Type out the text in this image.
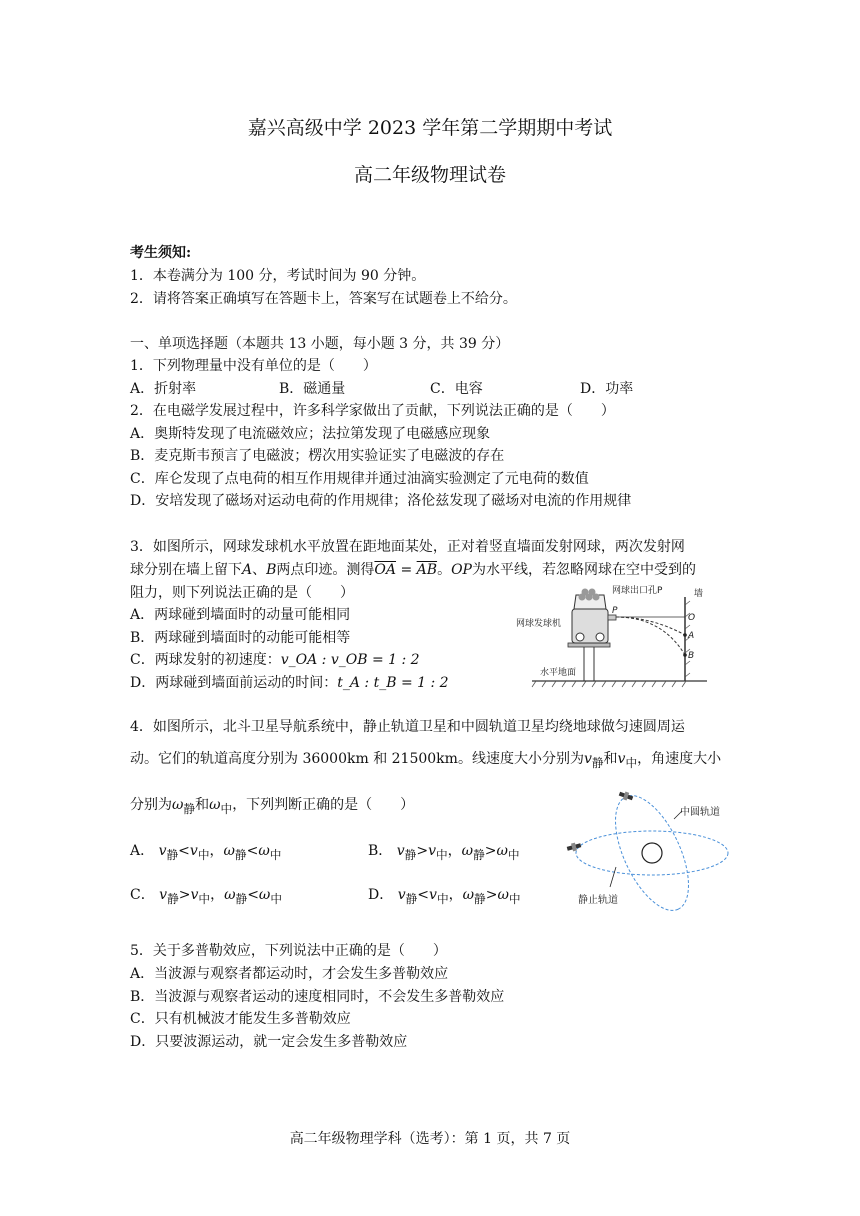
嘉兴高级中学 2023 学年第二学期期中考试
高二年级物理试卷
考生须知:
1．本卷满分为 100 分，考试时间为 90 分钟。
2．请将答案正确填写在答题卡上，答案写在试题卷上不给分。
一、单项选择题（本题共 13 小题，每小题 3 分，共 39 分）
1．下列物理量中没有单位的是（　　）
A．折射率	B．磁通量	C．电容	D．功率
2．在电磁学发展过程中，许多科学家做出了贡献，下列说法正确的是（　　）
A．奥斯特发现了电流磁效应；法拉第发现了电磁感应现象
B．麦克斯韦预言了电磁波；楞次用实验证实了电磁波的存在
C．库仑发现了点电荷的相互作用规律并通过油滴实验测定了元电荷的数值
D．安培发现了磁场对运动电荷的作用规律；洛伦兹发现了磁场对电流的作用规律
3．如图所示，网球发球机水平放置在距地面某处，正对着竖直墙面发射网球，两次发射网
球分别在墙上留下A、B两点印迹。测得$\overline{OA} = \overline{AB}$。OP为水平线，若忽略网球在空中受到的
阻力，则下列说法正确的是（　　）
A．两球碰到墙面时的动量可能相同
B．两球碰到墙面时的动能可能相等
C．两球发射的初速度：v_OA : v_OB = 1 : 2
D．两球碰到墙面前运动的时间：t_A : t_B = 1 : 2
网球出口孔P	墙
P
O
A
B
网球发球机
水平地面
4．如图所示，北斗卫星导航系统中，静止轨道卫星和中圆轨道卫星均绕地球做匀速圆周运
动。它们的轨道高度分别为 36000km 和 21500km。线速度大小分别为$v_静$和$v_中$，角速度大小
分别为$\omega_静$和$\omega_中$，下列判断正确的是（　　）
A． $v_静<v_中$，$\omega_静<\omega_中$	B． $v_静>v_中$，$\omega_静>\omega_中$
C． $v_静>v_中$，$\omega_静<\omega_中$	D． $v_静<v_中$，$\omega_静>\omega_中$
中圆轨道
静止轨道
5．关于多普勒效应，下列说法中正确的是（　　）
A．当波源与观察者都运动时，才会发生多普勒效应
B．当波源与观察者运动的速度相同时，不会发生多普勒效应
C．只有机械波才能发生多普勒效应
D．只要波源运动，就一定会发生多普勒效应
高二年级物理学科（选考）：第 1 页，共 7 页
